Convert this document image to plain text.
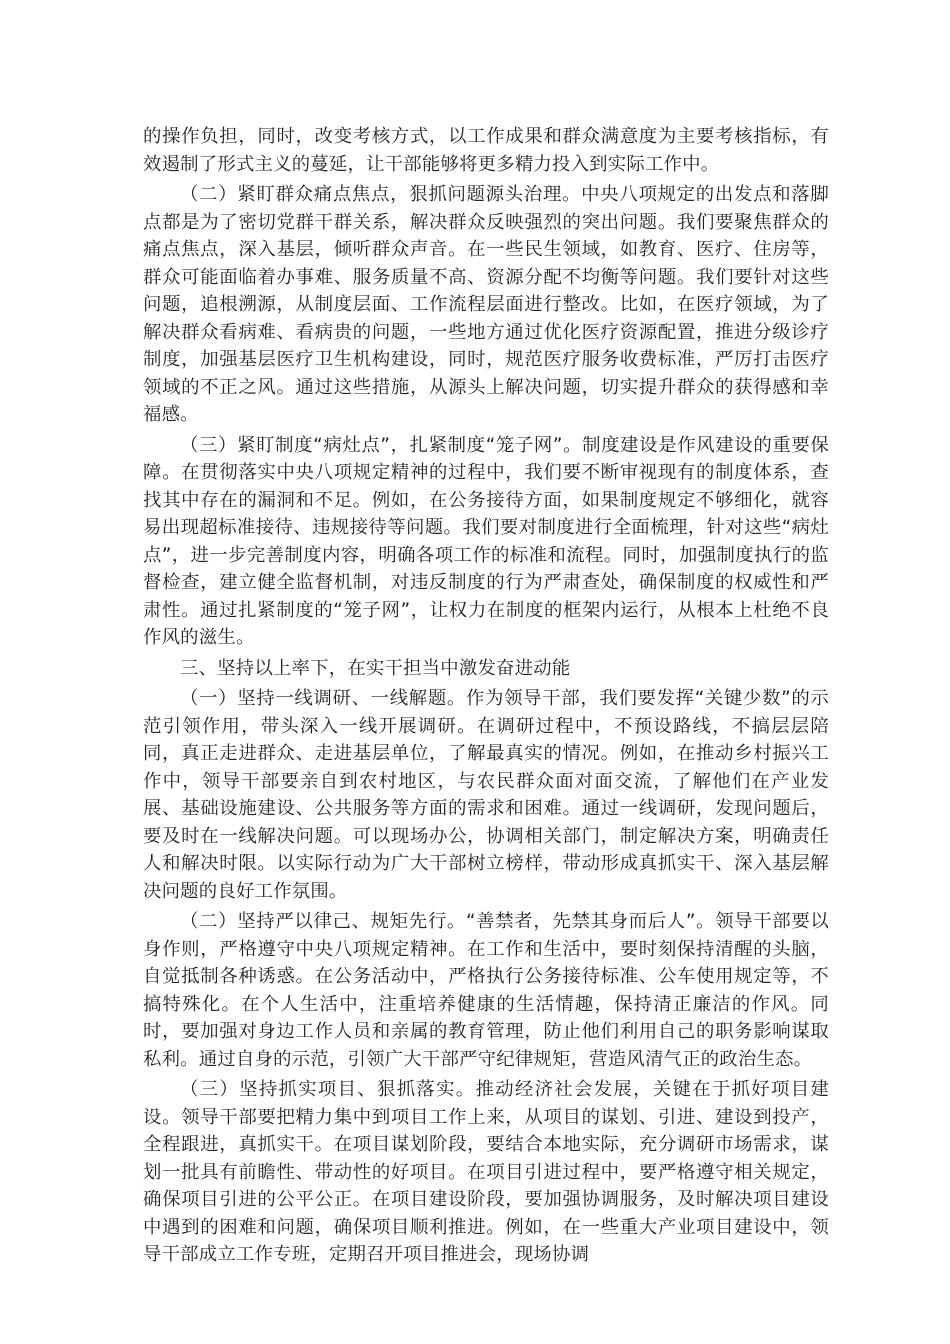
的操作负担，同时，改变考核方式，以工作成果和群众满意度为主要考核指标，有效遏制了形式主义的蔓延，让干部能够将更多精力投入到实际工作中。

（二）紧盯群众痛点焦点，狠抓问题源头治理。中央八项规定的出发点和落脚点都是为了密切党群干群关系，解决群众反映强烈的突出问题。我们要聚焦群众的痛点焦点，深入基层，倾听群众声音。在一些民生领域，如教育、医疗、住房等，群众可能面临着办事难、服务质量不高、资源分配不均衡等问题。我们要针对这些问题，追根溯源，从制度层面、工作流程层面进行整改。比如，在医疗领域，为了解决群众看病难、看病贵的问题，一些地方通过优化医疗资源配置，推进分级诊疗制度，加强基层医疗卫生机构建设，同时，规范医疗服务收费标准，严厉打击医疗领域的不正之风。通过这些措施，从源头上解决问题，切实提升群众的获得感和幸福感。

（三）紧盯制度“病灶点”，扎紧制度“笼子网”。制度建设是作风建设的重要保障。在贯彻落实中央八项规定精神的过程中，我们要不断审视现有的制度体系，查找其中存在的漏洞和不足。例如，在公务接待方面，如果制度规定不够细化，就容易出现超标准接待、违规接待等问题。我们要对制度进行全面梳理，针对这些“病灶点”，进一步完善制度内容，明确各项工作的标准和流程。同时，加强制度执行的监督检查，建立健全监督机制，对违反制度的行为严肃查处，确保制度的权威性和严肃性。通过扎紧制度的“笼子网”，让权力在制度的框架内运行，从根本上杜绝不良作风的滋生。

三、坚持以上率下，在实干担当中激发奋进动能

（一）坚持一线调研、一线解题。作为领导干部，我们要发挥“关键少数”的示范引领作用，带头深入一线开展调研。在调研过程中，不预设路线，不搞层层陪同，真正走进群众、走进基层单位，了解最真实的情况。例如，在推动乡村振兴工作中，领导干部要亲自到农村地区，与农民群众面对面交流，了解他们在产业发展、基础设施建设、公共服务等方面的需求和困难。通过一线调研，发现问题后，要及时在一线解决问题。可以现场办公，协调相关部门，制定解决方案，明确责任人和解决时限。以实际行动为广大干部树立榜样，带动形成真抓实干、深入基层解决问题的良好工作氛围。

（二）坚持严以律己、规矩先行。“善禁者，先禁其身而后人”。领导干部要以身作则，严格遵守中央八项规定精神。在工作和生活中，要时刻保持清醒的头脑，自觉抵制各种诱惑。在公务活动中，严格执行公务接待标准、公车使用规定等，不搞特殊化。在个人生活中，注重培养健康的生活情趣，保持清正廉洁的作风。同时，要加强对身边工作人员和亲属的教育管理，防止他们利用自己的职务影响谋取私利。通过自身的示范，引领广大干部严守纪律规矩，营造风清气正的政治生态。

（三）坚持抓实项目、狠抓落实。推动经济社会发展，关键在于抓好项目建设。领导干部要把精力集中到项目工作上来，从项目的谋划、引进、建设到投产，全程跟进，真抓实干。在项目谋划阶段，要结合本地实际，充分调研市场需求，谋划一批具有前瞻性、带动性的好项目。在项目引进过程中，要严格遵守相关规定，确保项目引进的公平公正。在项目建设阶段，要加强协调服务，及时解决项目建设中遇到的困难和问题，确保项目顺利推进。例如，在一些重大产业项目建设中，领导干部成立工作专班，定期召开项目推进会，现场协调
